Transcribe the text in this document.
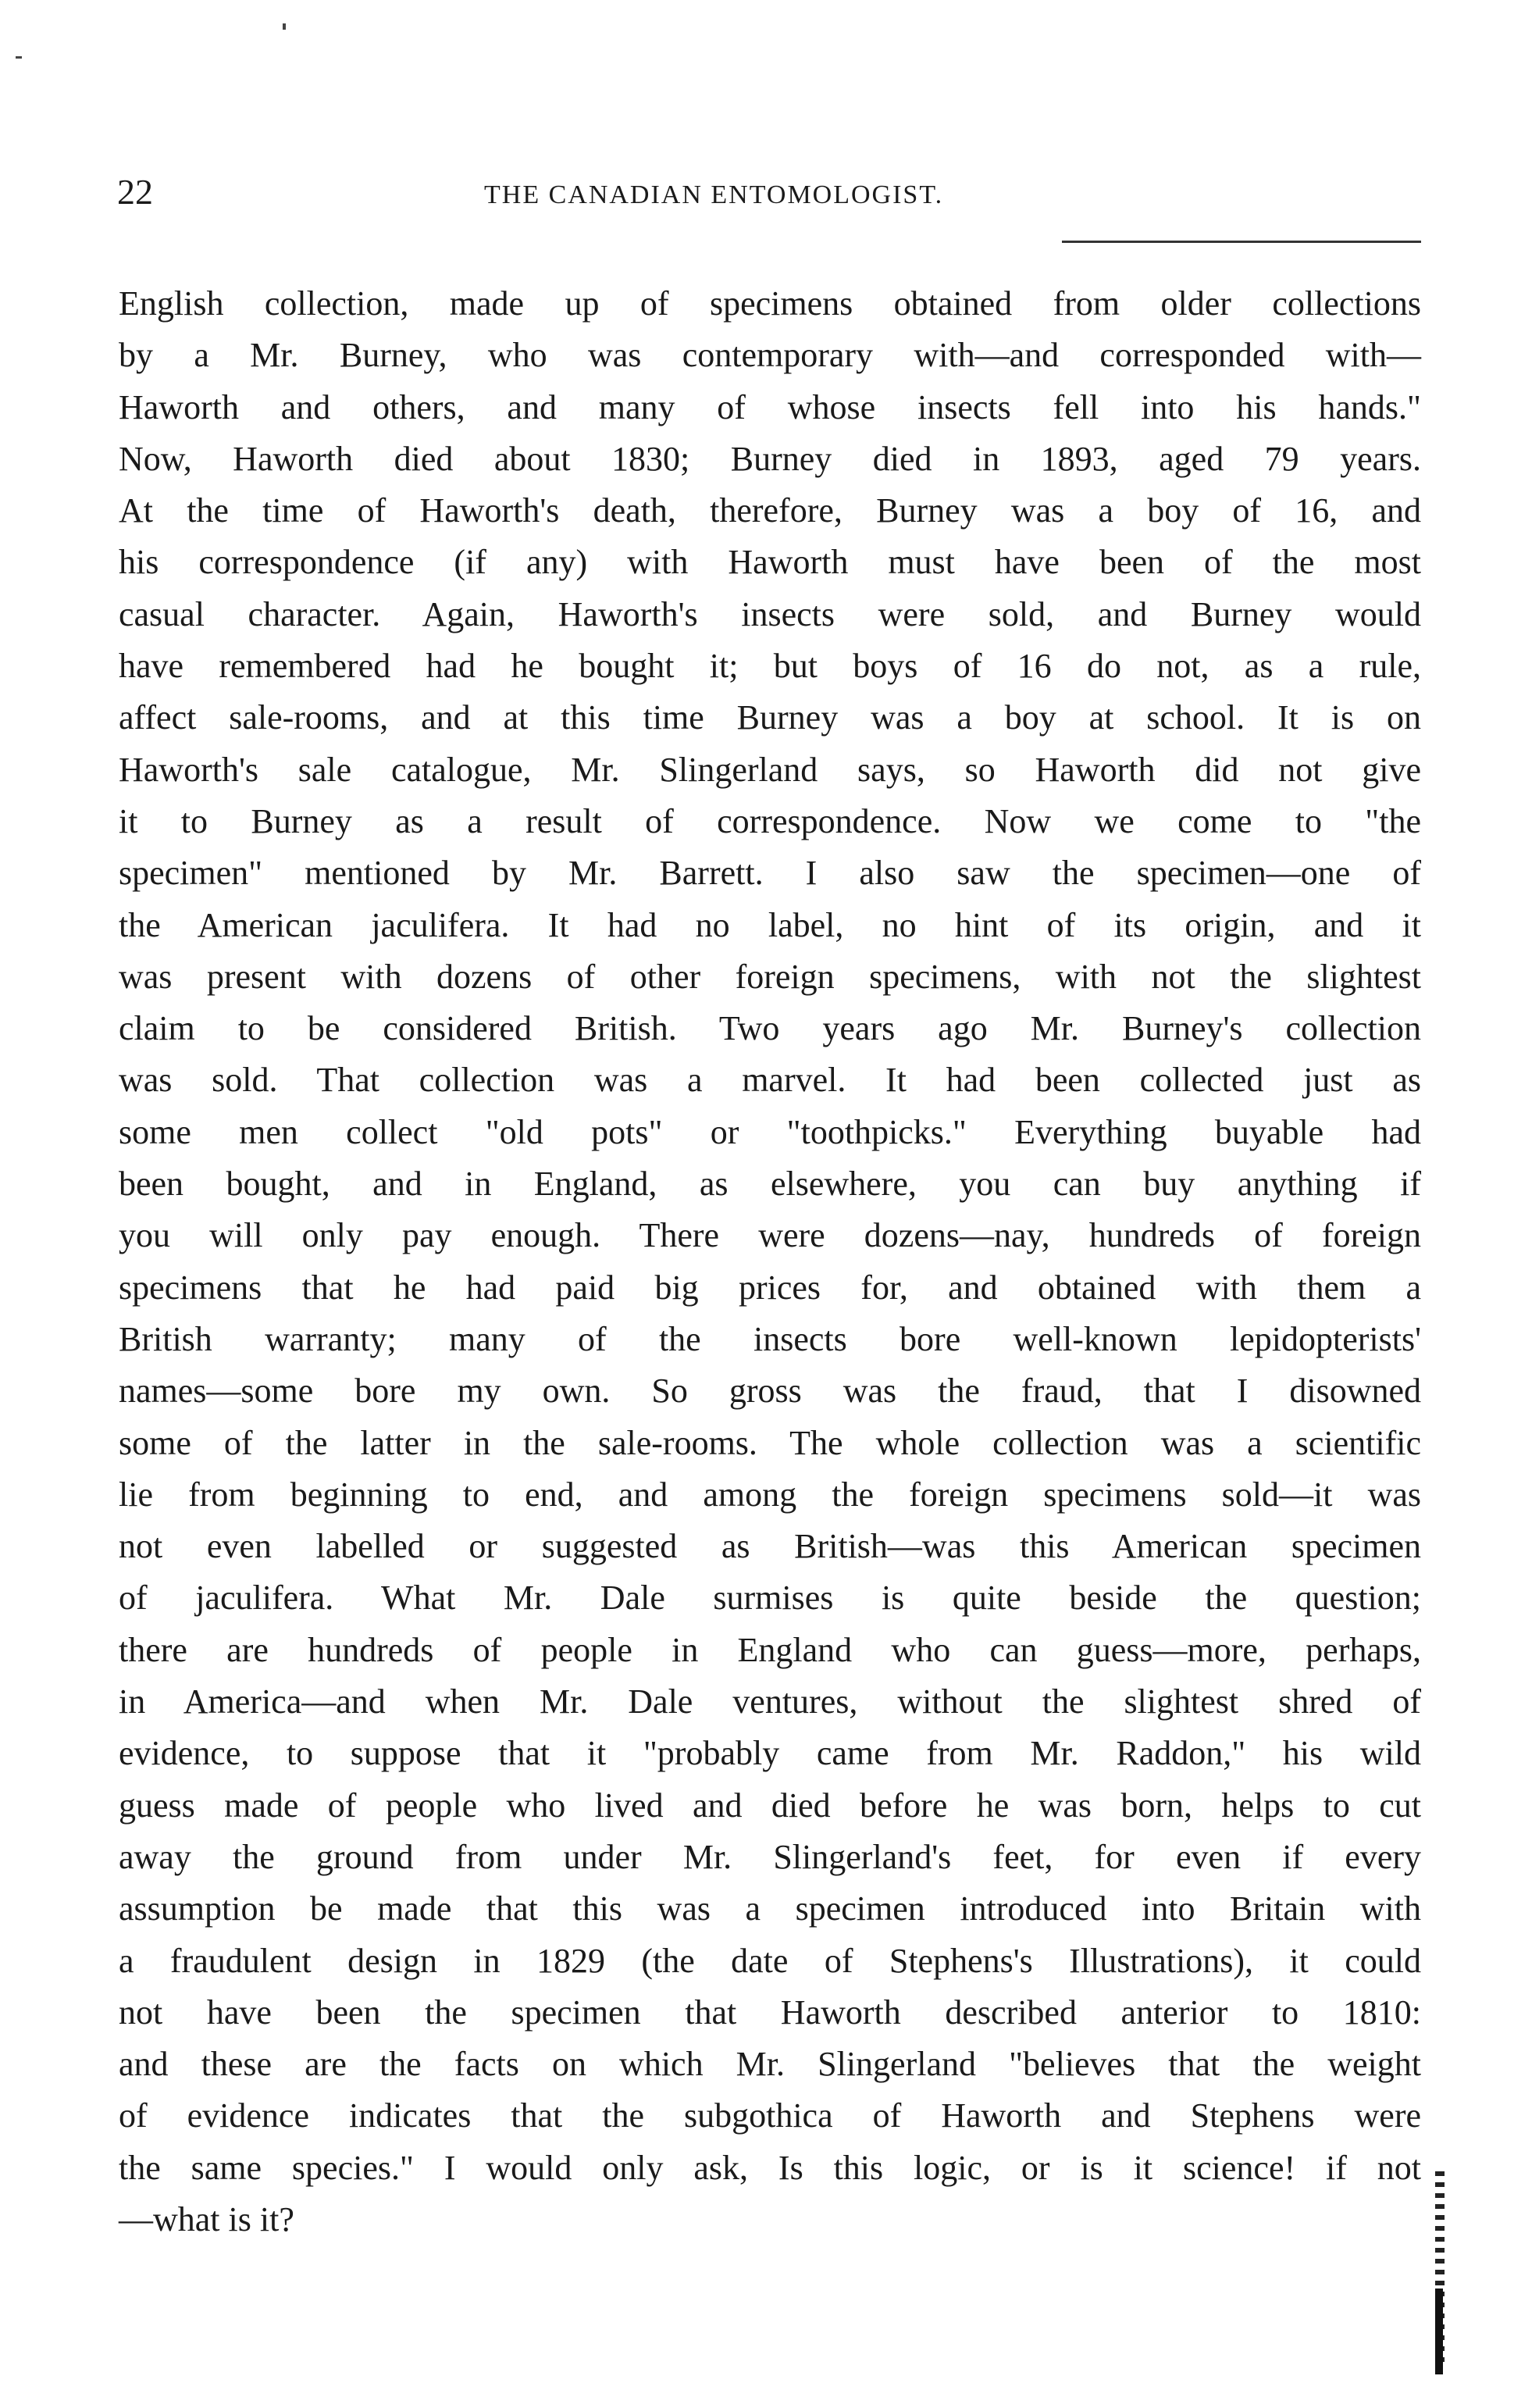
22	THE CANADIAN ENTOMOLOGIST.
English collection, made up of specimens obtained from older collections
by a Mr. Burney, who was contemporary with—and corresponded with—
Haworth and others, and many of whose insects fell into his hands."
Now, Haworth died about 1830; Burney died in 1893, aged 79 years.
At the time of Haworth's death, therefore, Burney was a boy of 16, and
his correspondence (if any) with Haworth must have been of the most
casual character. Again, Haworth's insects were sold, and Burney would
have remembered had he bought it; but boys of 16 do not, as a rule,
affect sale-rooms, and at this time Burney was a boy at school. It is on
Haworth's sale catalogue, Mr. Slingerland says, so Haworth did not give
it to Burney as a result of correspondence. Now we come to "the
specimen" mentioned by Mr. Barrett. I also saw the specimen—one of
the American jaculifera. It had no label, no hint of its origin, and it
was present with dozens of other foreign specimens, with not the slightest
claim to be considered British. Two years ago Mr. Burney's collection
was sold. That collection was a marvel. It had been collected just as
some men collect "old pots" or "toothpicks." Everything buyable had
been bought, and in England, as elsewhere, you can buy anything if
you will only pay enough. There were dozens—nay, hundreds of foreign
specimens that he had paid big prices for, and obtained with them a
British warranty; many of the insects bore well-known lepidopterists'
names—some bore my own. So gross was the fraud, that I disowned
some of the latter in the sale-rooms. The whole collection was a scientific
lie from beginning to end, and among the foreign specimens sold—it was
not even labelled or suggested as British—was this American specimen
of jaculifera. What Mr. Dale surmises is quite beside the question;
there are hundreds of people in England who can guess—more, perhaps,
in America—and when Mr. Dale ventures, without the slightest shred of
evidence, to suppose that it "probably came from Mr. Raddon," his wild
guess made of people who lived and died before he was born, helps to cut
away the ground from under Mr. Slingerland's feet, for even if every
assumption be made that this was a specimen introduced into Britain with
a fraudulent design in 1829 (the date of Stephens's Illustrations), it could
not have been the specimen that Haworth described anterior to 1810:
and these are the facts on which Mr. Slingerland "believes that the weight
of evidence indicates that the subgothica of Haworth and Stephens were
the same species." I would only ask, Is this logic, or is it science! if not
—what is it?
